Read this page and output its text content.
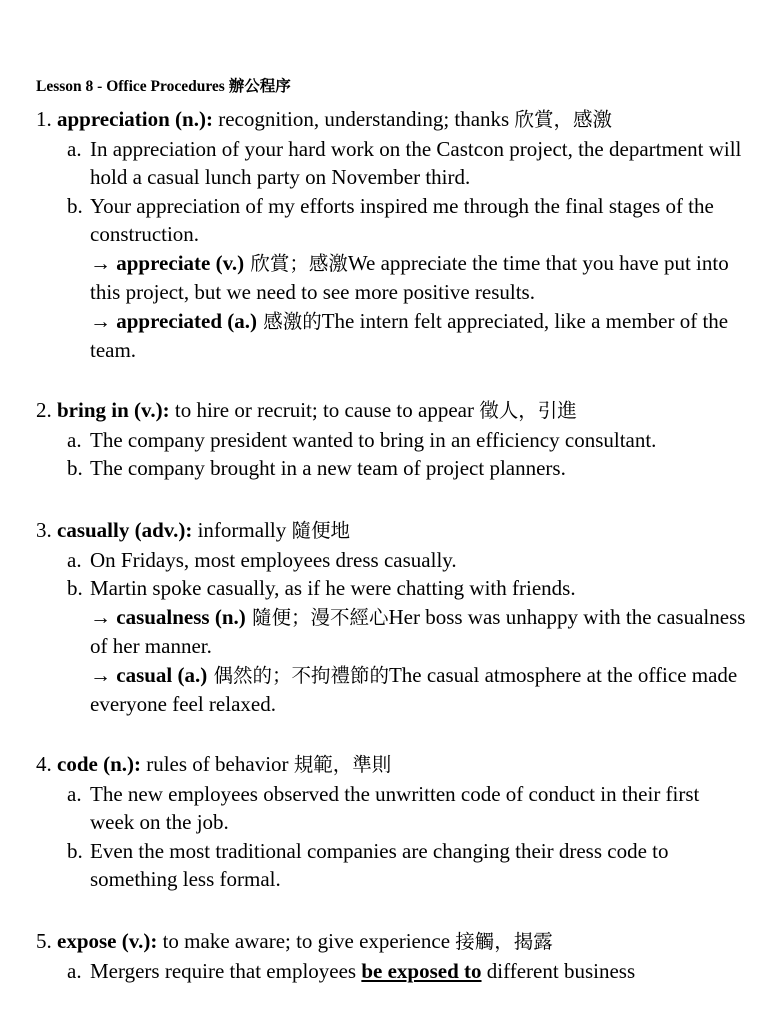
Lesson 8 - Office Procedures 辦公程序
1. appreciation (n.): recognition, understanding; thanks 欣賞，感激
a. In appreciation of your hard work on the Castcon project, the department will hold a casual lunch party on November third.
b. Your appreciation of my efforts inspired me through the final stages of the construction.
→ appreciate (v.) 欣賞；感激We appreciate the time that you have put into this project, but we need to see more positive results.
→ appreciated (a.) 感激的The intern felt appreciated, like a member of the team.
2. bring in (v.): to hire or recruit; to cause to appear 徵人，引進
a. The company president wanted to bring in an efficiency consultant.
b. The company brought in a new team of project planners.
3. casually (adv.): informally 隨便地
a. On Fridays, most employees dress casually.
b. Martin spoke casually, as if he were chatting with friends.
→ casualness (n.) 隨便；漫不經心Her boss was unhappy with the casualness of her manner.
→ casual (a.) 偶然的；不拘禮節的The casual atmosphere at the office made everyone feel relaxed.
4. code (n.): rules of behavior 規範，準則
a. The new employees observed the unwritten code of conduct in their first week on the job.
b. Even the most traditional companies are changing their dress code to something less formal.
5. expose (v.): to make aware; to give experience 接觸，揭露
a. Mergers require that employees be exposed to different business
